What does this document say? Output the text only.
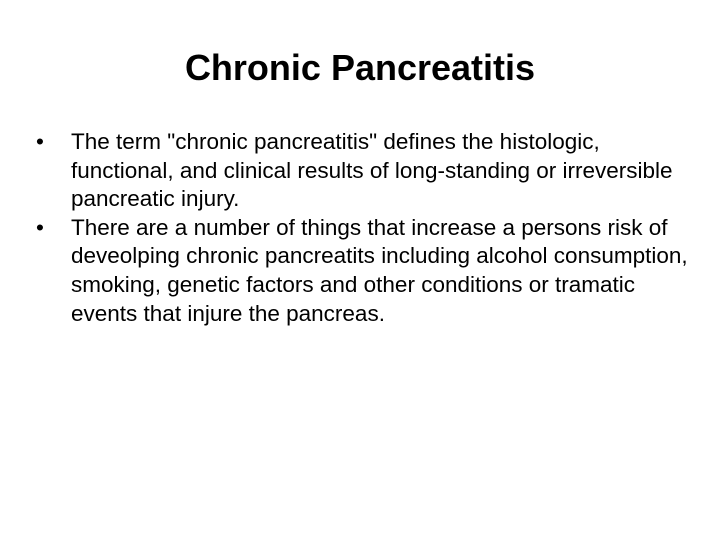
Chronic Pancreatitis
•	The term "chronic pancreatitis" defines the histologic, functional, and clinical results of long-standing or irreversible pancreatic injury.
•	There are a number of things that increase a persons risk of deveolping chronic pancreatits including alcohol consumption, smoking, genetic factors and other conditions or tramatic events that injure the pancreas.
